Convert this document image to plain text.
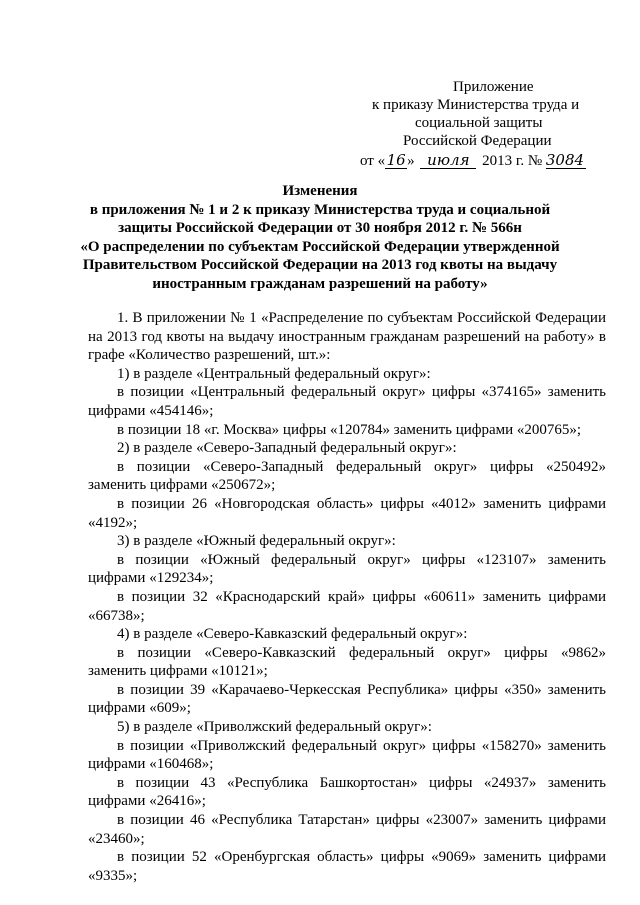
Приложение
к приказу Министерства труда и
социальной защиты
Российской Федерации
от «16» июля 2013 г. № 3084
Изменения
в приложения № 1 и 2 к приказу Министерства труда и социальной
защиты Российской Федерации от 30 ноября 2012 г. № 566н
«О распределении по субъектам Российской Федерации утвержденной
Правительством Российской Федерации на 2013 год квоты на выдачу
иностранным гражданам разрешений на работу»

1. В приложении № 1 «Распределение по субъектам Российской Федерации на 2013 год квоты на выдачу иностранным гражданам разрешений на работу» в графе «Количество разрешений, шт.»:

1) в разделе «Центральный федеральный округ»:

в позиции «Центральный федеральный округ» цифры «374165» заменить цифрами «454146»;

в позиции 18 «г. Москва» цифры «120784» заменить цифрами «200765»;

2) в разделе «Северо-Западный федеральный округ»:

в позиции «Северо-Западный федеральный округ» цифры «250492» заменить цифрами «250672»;

в позиции 26 «Новгородская область» цифры «4012» заменить цифрами «4192»;

3) в разделе «Южный федеральный округ»:

в позиции «Южный федеральный округ» цифры «123107» заменить цифрами «129234»;

в позиции 32 «Краснодарский край» цифры «60611» заменить цифрами «66738»;

4) в разделе «Северо-Кавказский федеральный округ»:

в позиции «Северо-Кавказский федеральный округ» цифры «9862» заменить цифрами «10121»;

в позиции 39 «Карачаево-Черкесская Республика» цифры «350» заменить цифрами «609»;

5) в разделе «Приволжский федеральный округ»:

в позиции «Приволжский федеральный округ» цифры «158270» заменить цифрами «160468»;

в позиции 43 «Республика Башкортостан» цифры «24937» заменить цифрами «26416»;

в позиции 46 «Республика Татарстан» цифры «23007» заменить цифрами «23460»;

в позиции 52 «Оренбургская область» цифры «9069» заменить цифрами «9335»;
